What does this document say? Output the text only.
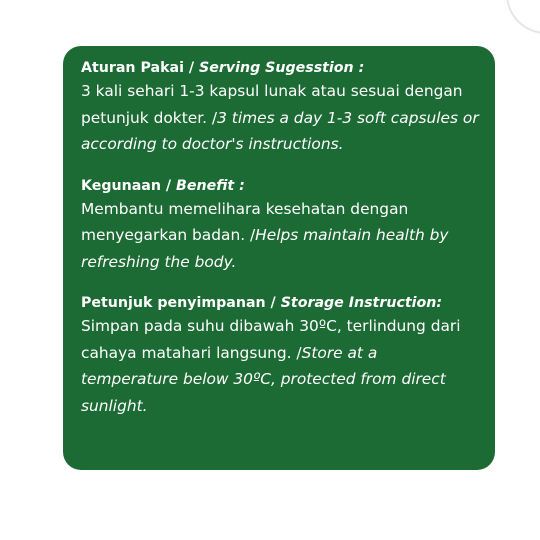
Aturan Pakai / Serving Sugesstion :

3 kali sehari 1-3 kapsul lunak atau sesuai dengan petunjuk dokter. /3 times a day 1-3 soft capsules or according to doctor's instructions.

Kegunaan / Benefit :

Membantu memelihara kesehatan dengan menyegarkan badan. /Helps maintain health by refreshing the body.

Petunjuk penyimpanan / Storage Instruction:

Simpan pada suhu dibawah 30ºC, terlindung dari cahaya matahari langsung. /Store at a temperature below 30ºC, protected from direct sunlight.
